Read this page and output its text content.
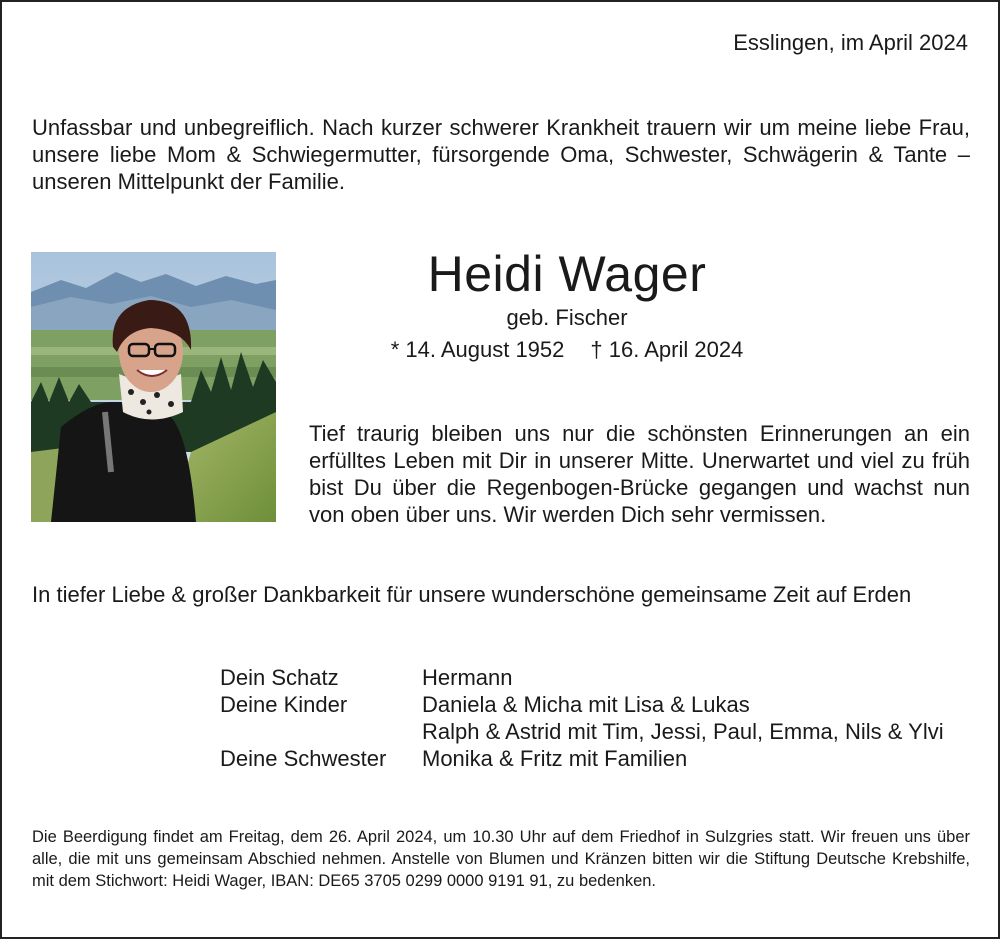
Esslingen, im April 2024
Unfassbar und unbegreiflich. Nach kurzer schwerer Krankheit trauern wir um meine liebe Frau, unsere liebe Mom & Schwiegermutter, fürsorgende Oma, Schwester, Schwägerin & Tante – unseren Mittelpunkt der Familie.
Heidi Wager
geb. Fischer
* 14. August 1952 † 16. April 2024
Tief traurig bleiben uns nur die schönsten Erinnerungen an ein erfülltes Leben mit Dir in unserer Mitte. Unerwartet und viel zu früh bist Du über die Regenbogen-Brücke gegangen und wachst nun von oben über uns. Wir werden Dich sehr vermissen.
In tiefer Liebe & großer Dankbarkeit für unsere wunderschöne gemeinsame Zeit auf Erden
Dein Schatz	Hermann
Deine Kinder	Daniela & Micha mit Lisa & Lukas
Ralph & Astrid mit Tim, Jessi, Paul, Emma, Nils & Ylvi
Deine Schwester	Monika & Fritz mit Familien
Die Beerdigung findet am Freitag, dem 26. April 2024, um 10.30 Uhr auf dem Friedhof in Sulzgries statt. Wir freuen uns über alle, die mit uns gemeinsam Abschied nehmen. Anstelle von Blumen und Kränzen bitten wir die Stiftung Deutsche Krebshilfe, mit dem Stichwort: Heidi Wager, IBAN: DE65 3705 0299 0000 9191 91, zu bedenken.
